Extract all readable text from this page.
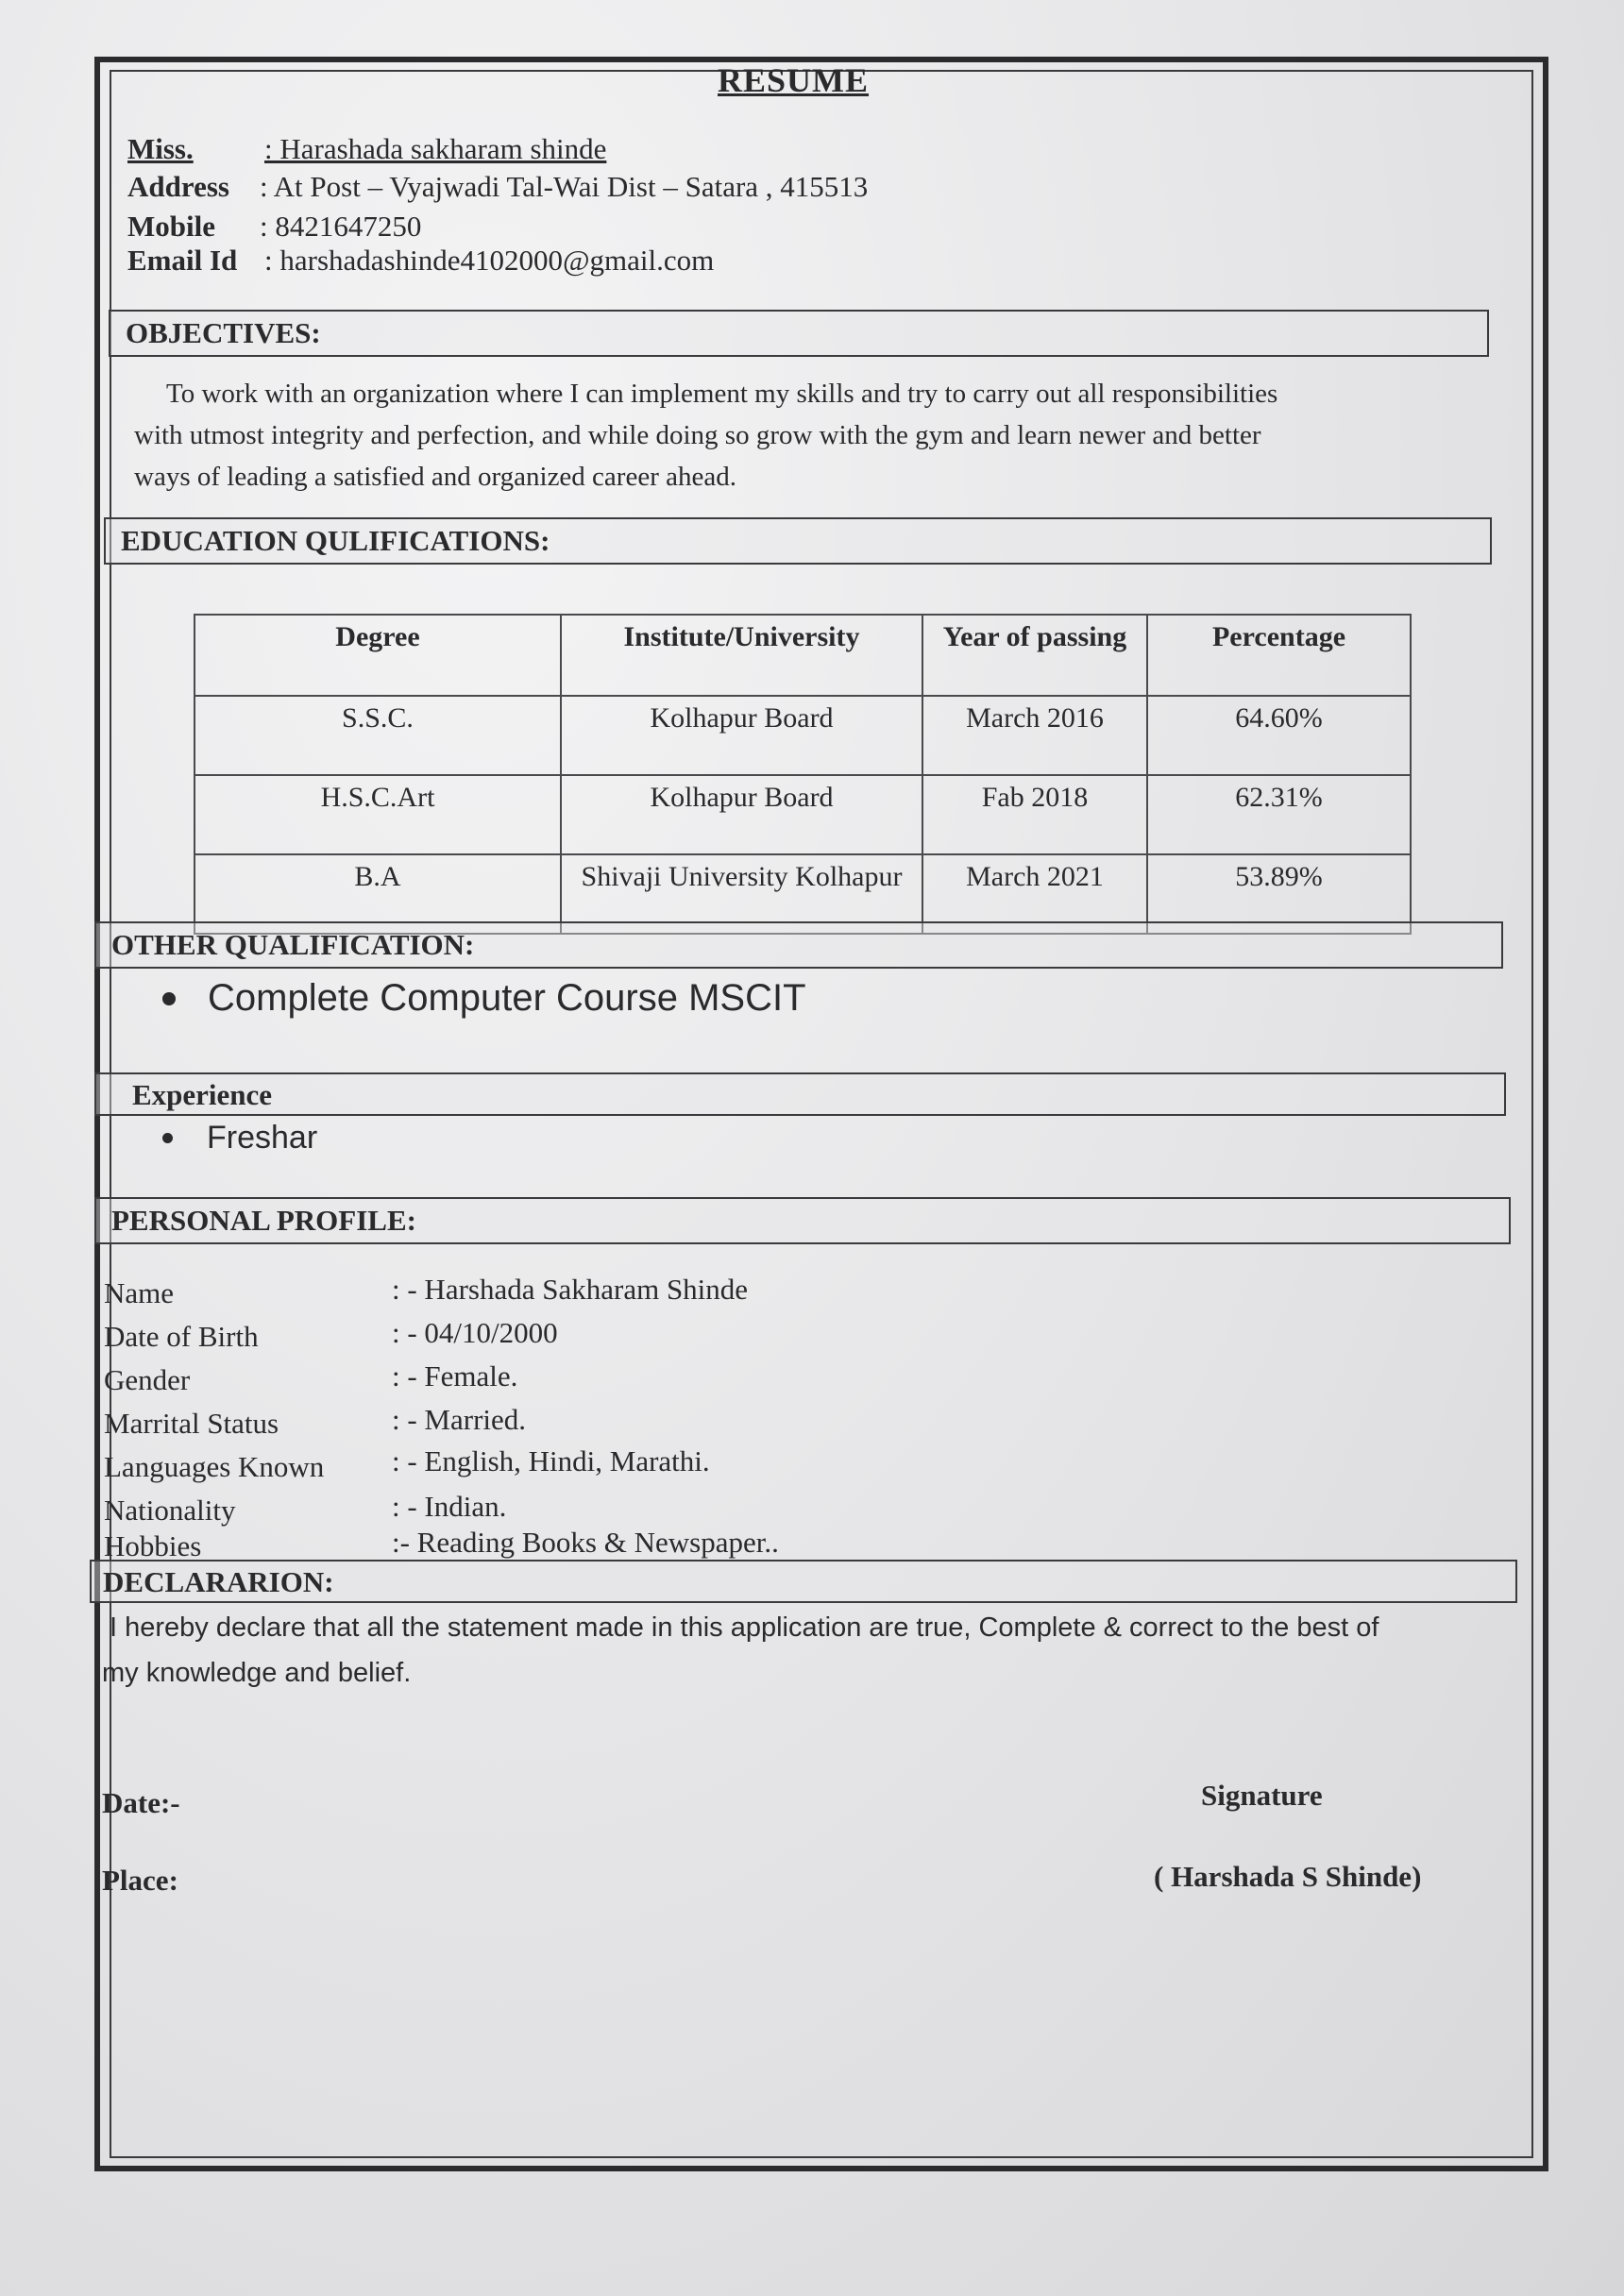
RESUME
Miss. : Harashada sakharam shinde
Address : At Post – Vyajwadi Tal-Wai Dist – Satara , 415513
Mobile : 8421647250
Email Id : harshadashinde4102000@gmail.com
OBJECTIVES:
To work with an organization where I can implement my skills and try to carry out all responsibilities
with utmost integrity and perfection, and while doing so grow with the gym and learn newer and better
ways of leading a satisfied and organized career ahead.
EDUCATION QULIFICATIONS:
Degree	Institute/University	Year of passing	Percentage
S.S.C.	Kolhapur Board	March 2016	64.60%
H.S.C.Art	Kolhapur Board	Fab 2018	62.31%
B.A	Shivaji University Kolhapur	March 2021	53.89%
OTHER QUALIFICATION:
Complete Computer Course MSCIT
Experience
Freshar
PERSONAL PROFILE:
Name	: - Harshada Sakharam Shinde
Date of Birth	: - 04/10/2000
Gender	: - Female.
Marrital Status	: - Married.
Languages Known : - English, Hindi, Marathi.
Nationality	: - Indian.
Hobbies	:- Reading Books & Newspaper..
DECLARARION:
I hereby declare that all the statement made in this application are true, Complete & correct to the best of
my knowledge and belief.
Date:-
Place:
Signature
( Harshada S Shinde)
